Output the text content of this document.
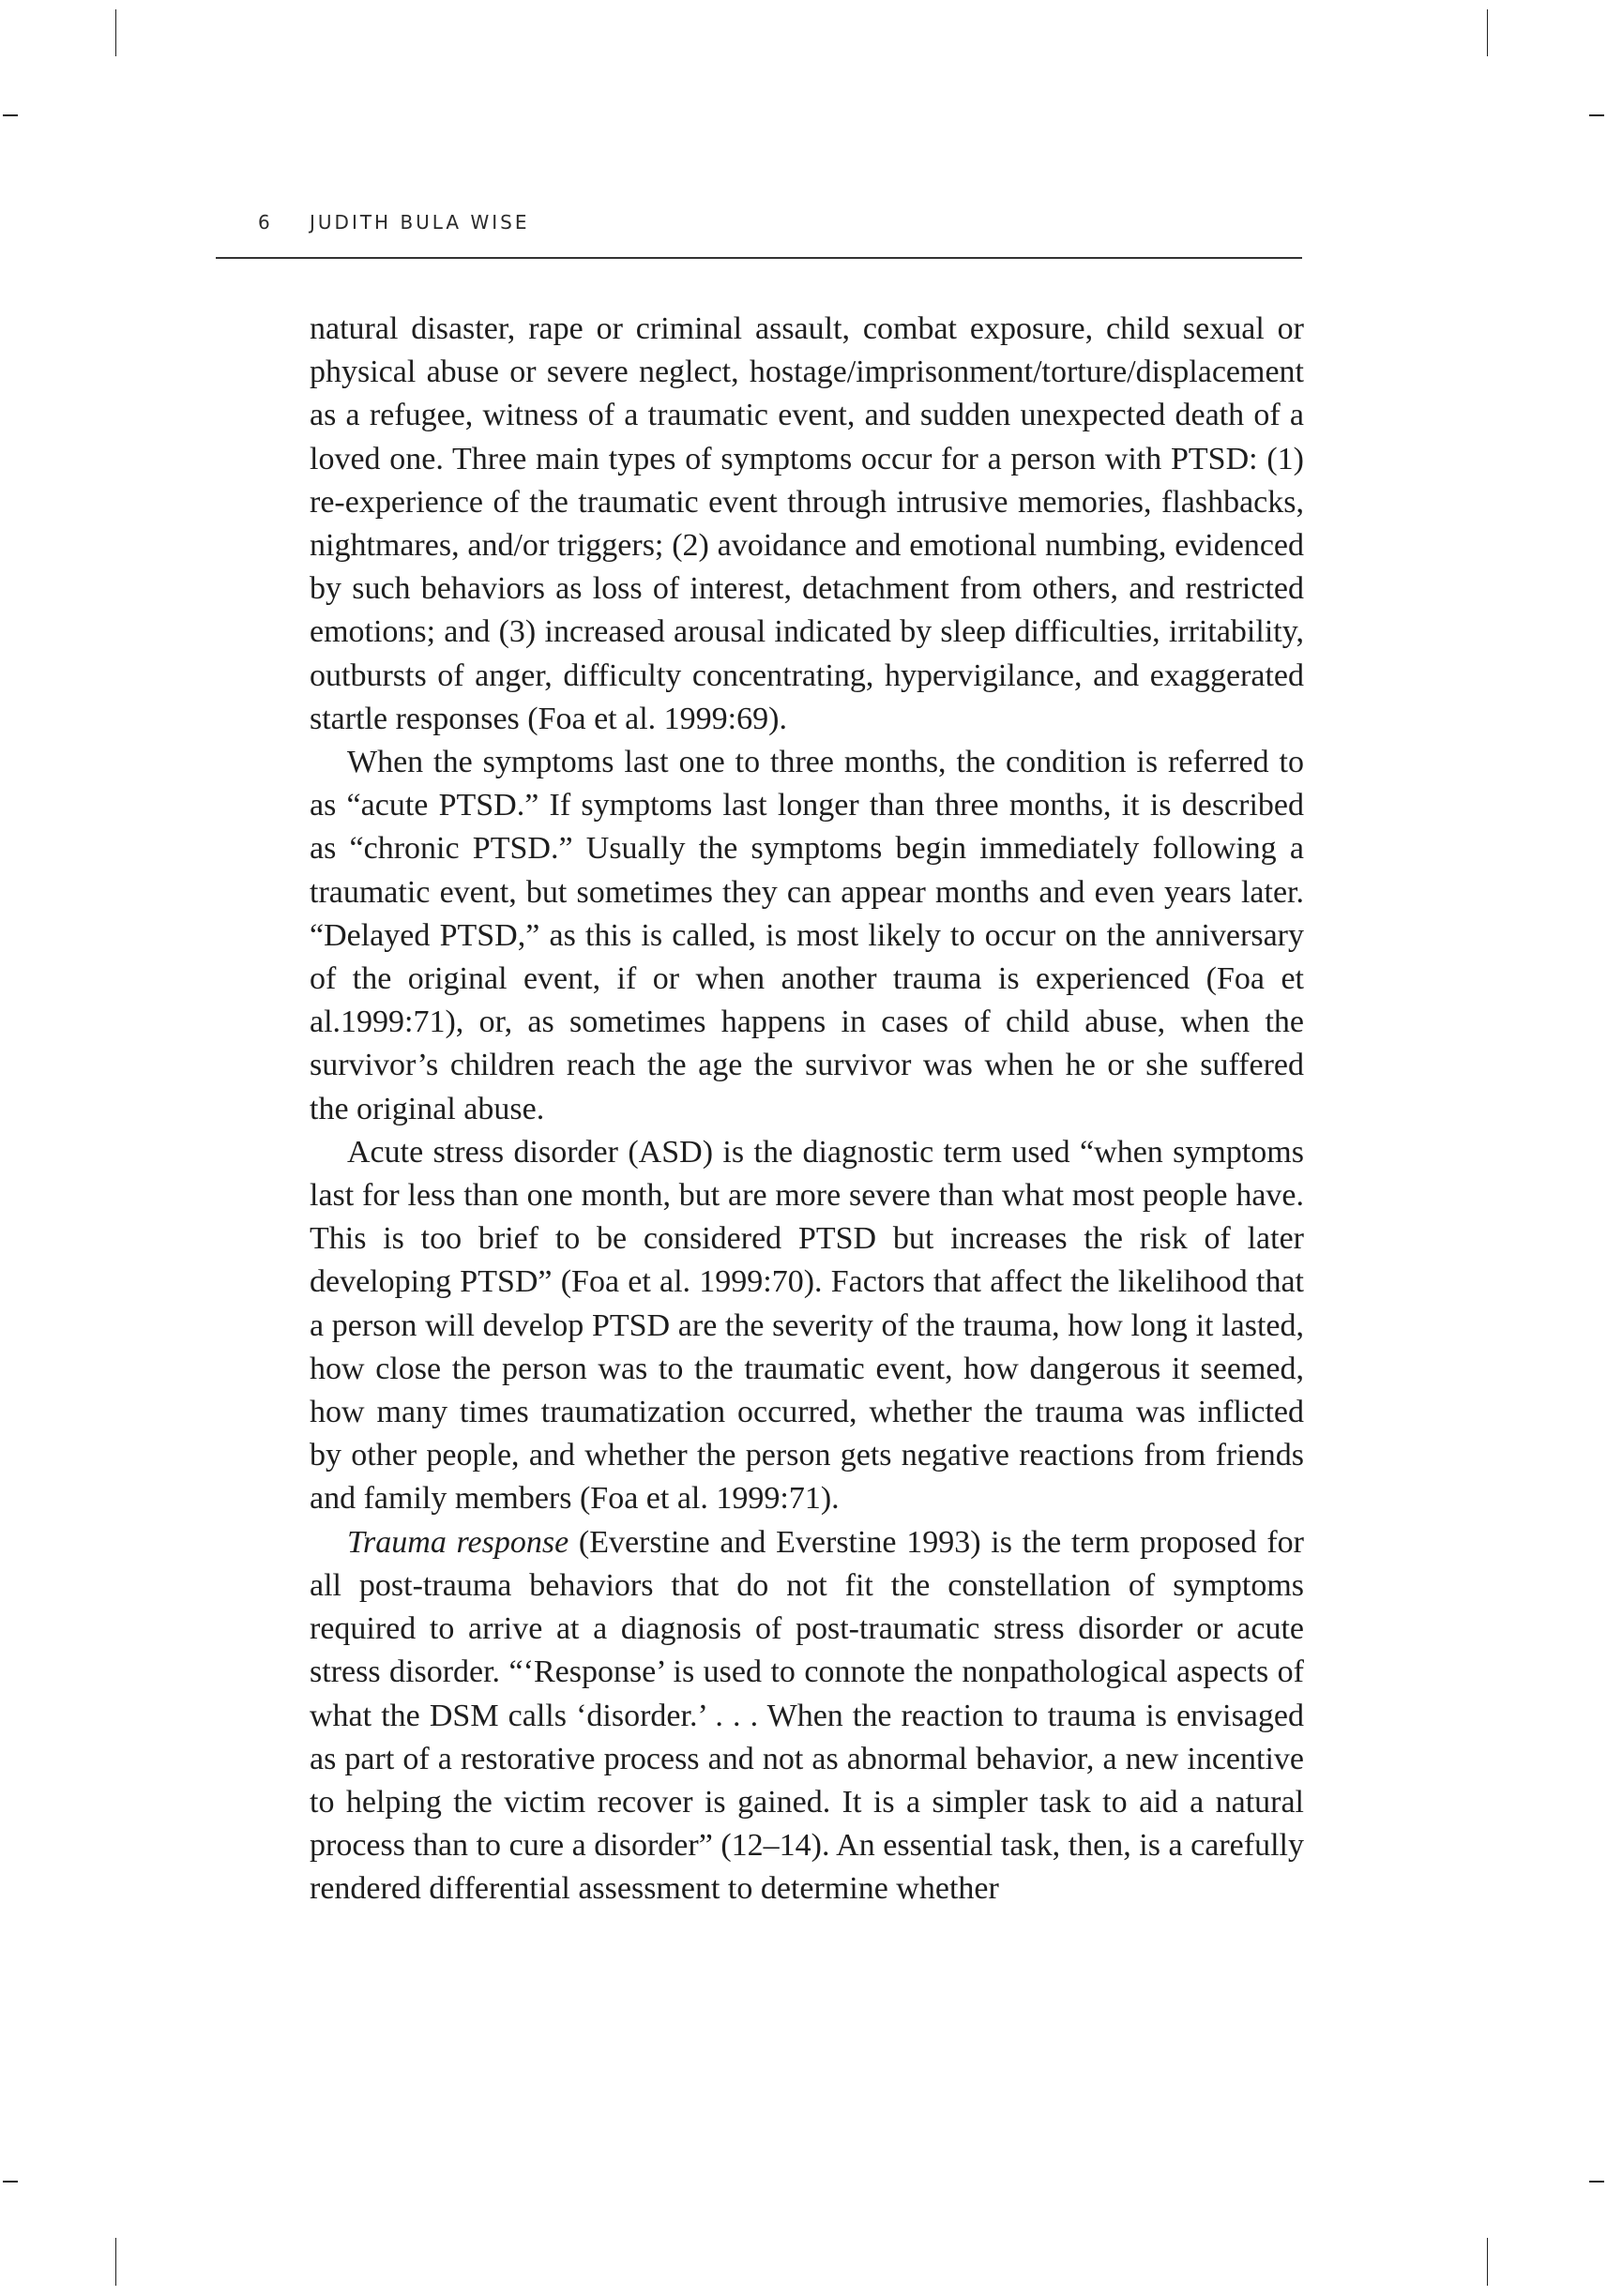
6 JUDITH BULA WISE

natural disaster, rape or criminal assault, combat exposure, child sexual or physical abuse or severe neglect, hostage/imprisonment/torture/displacement as a refugee, witness of a traumatic event, and sudden unexpected death of a loved one. Three main types of symptoms occur for a person with PTSD: (1) re-experience of the traumatic event through intrusive memories, flashbacks, nightmares, and/or triggers; (2) avoidance and emotional numbing, evidenced by such behaviors as loss of interest, detachment from others, and restricted emotions; and (3) increased arousal indicated by sleep difficulties, irritability, outbursts of anger, difficulty concentrating, hypervigilance, and exaggerated startle responses (Foa et al. 1999:69).

When the symptoms last one to three months, the condition is referred to as “acute PTSD.” If symptoms last longer than three months, it is described as “chronic PTSD.” Usually the symptoms begin immediately following a traumatic event, but sometimes they can appear months and even years later. “Delayed PTSD,” as this is called, is most likely to occur on the anniversary of the original event, if or when another trauma is experienced (Foa et al.1999:71), or, as sometimes happens in cases of child abuse, when the survivor’s children reach the age the survivor was when he or she suffered the original abuse.

Acute stress disorder (ASD) is the diagnostic term used “when symptoms last for less than one month, but are more severe than what most people have. This is too brief to be considered PTSD but increases the risk of later developing PTSD” (Foa et al. 1999:70). Factors that affect the likelihood that a person will develop PTSD are the severity of the trauma, how long it lasted, how close the person was to the traumatic event, how dangerous it seemed, how many times traumatization occurred, whether the trauma was inflicted by other people, and whether the person gets negative reactions from friends and family members (Foa et al. 1999:71).

Trauma response (Everstine and Everstine 1993) is the term proposed for all post-trauma behaviors that do not fit the constellation of symptoms required to arrive at a diagnosis of post-traumatic stress disorder or acute stress disorder. “‘Response’ is used to connote the nonpathological aspects of what the DSM calls ‘disorder.’ . . . When the reaction to trauma is envisaged as part of a restorative process and not as abnormal behavior, a new incentive to helping the victim recover is gained. It is a simpler task to aid a natural process than to cure a disorder” (12–14). An essential task, then, is a carefully rendered differential assessment to determine whether
